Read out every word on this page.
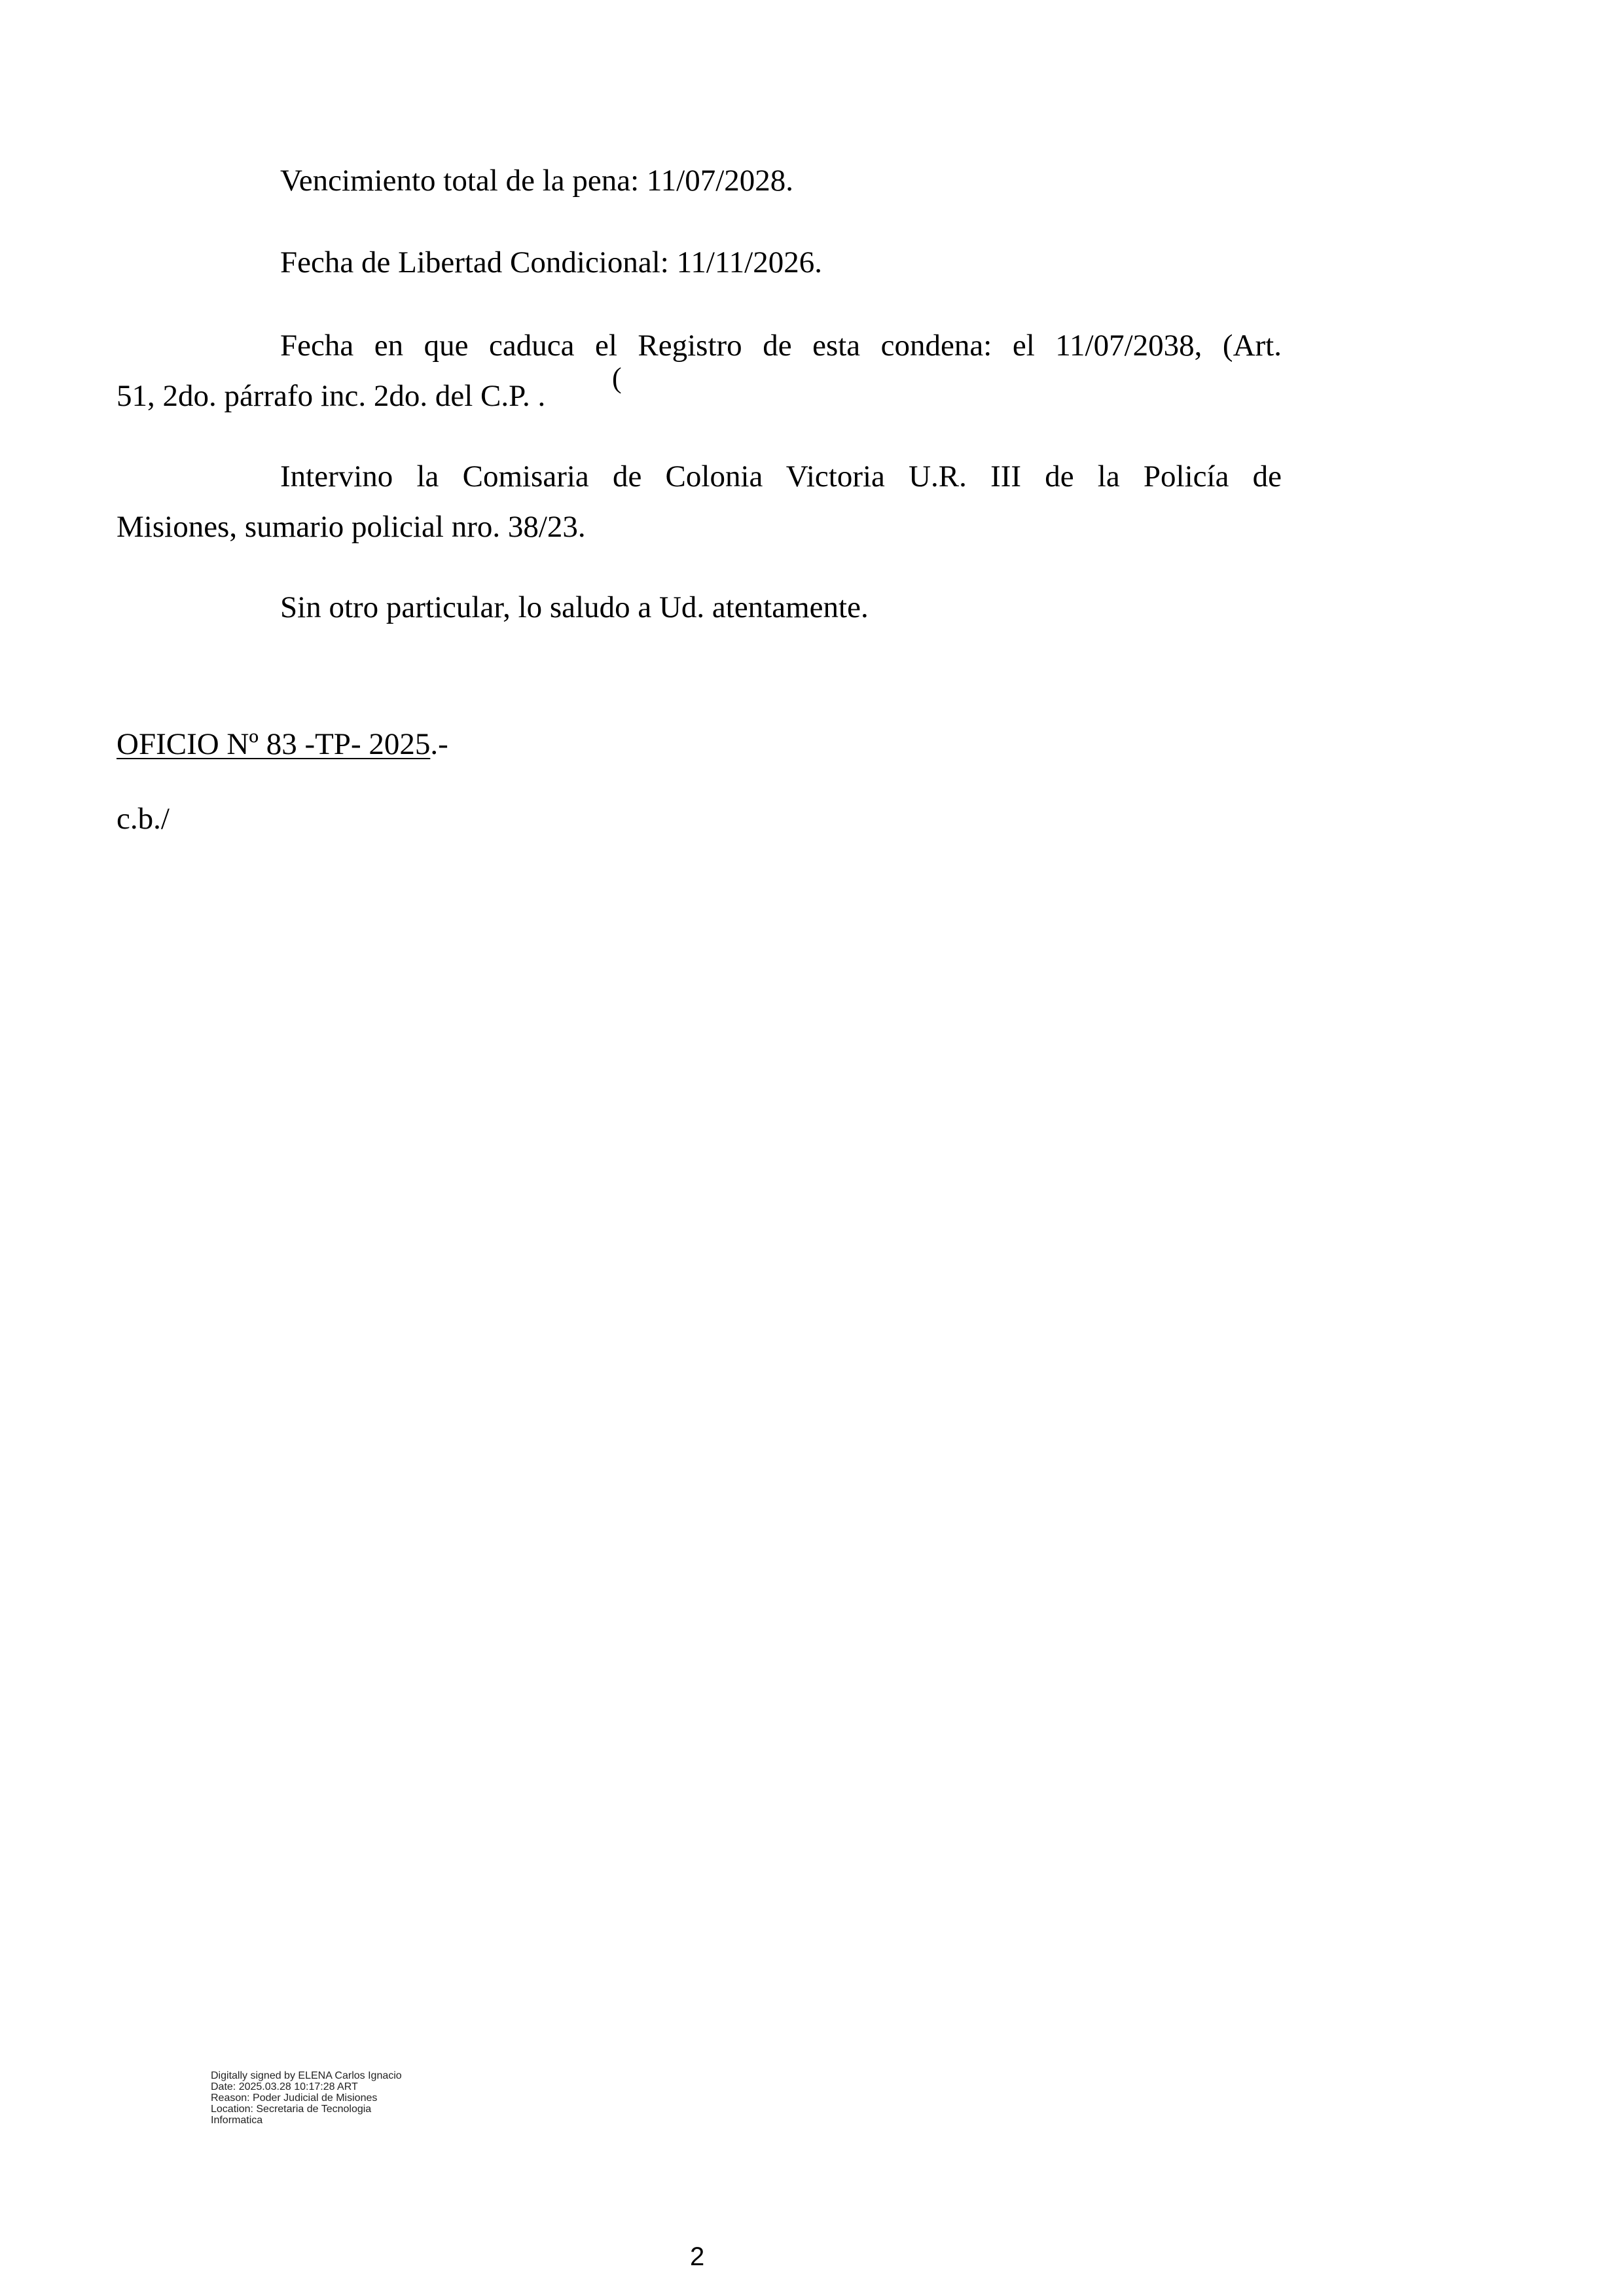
Vencimiento total de la pena: 11/07/2028.

Fecha de Libertad Condicional: 11/11/2026.

Fecha en que caduca el Registro de esta condena: el 11/07/2038, (Art.

51, 2do. párrafo inc. 2do. del C.P. .

(

Intervino la Comisaria de Colonia Victoria U.R. III de la Policía de

Misiones, sumario policial nro. 38/23.

Sin otro particular, lo saludo a Ud. atentamente.

OFICIO Nº 83 -TP- 2025.-

c.b./

Digitally signed by ELENA Carlos Ignacio
Date: 2025.03.28 10:17:28 ART
Reason: Poder Judicial de Misiones
Location: Secretaria de Tecnologia
Informatica
2
